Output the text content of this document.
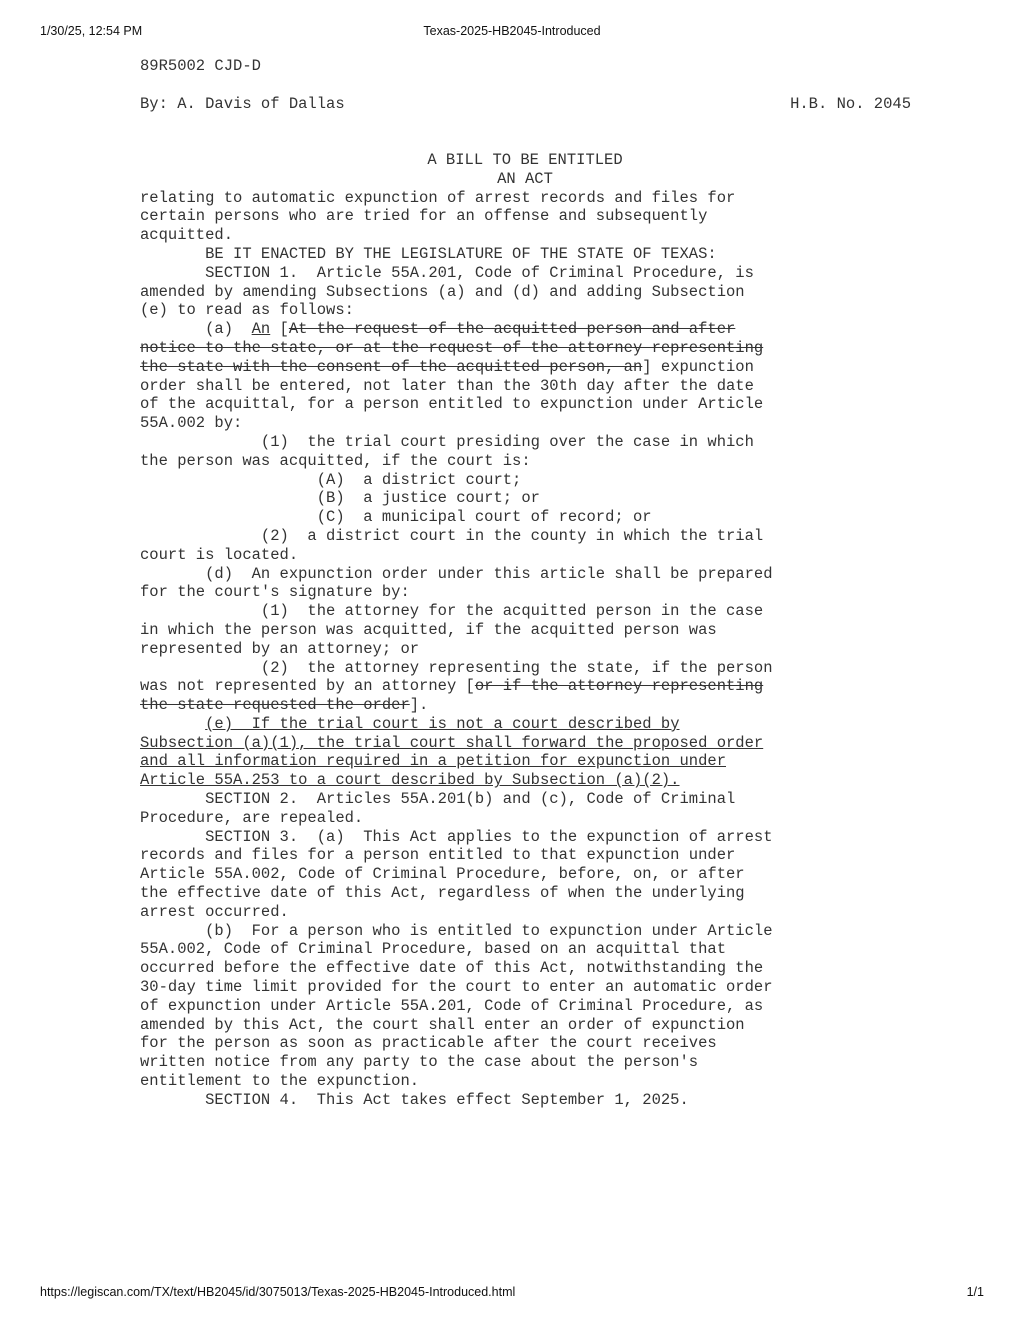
1/30/25, 12:54 PM	Texas-2025-HB2045-Introduced
89R5002 CJD-D
By: A. Davis of Dallas	H.B. No. 2045
A BILL TO BE ENTITLED
AN ACT
relating to automatic expunction of arrest records and files for
certain persons who are tried for an offense and subsequently
acquitted.
BE IT ENACTED BY THE LEGISLATURE OF THE STATE OF TEXAS:
SECTION 1.  Article 55A.201, Code of Criminal Procedure, is
amended by amending Subsections (a) and (d) and adding Subsection
(e) to read as follows:
(a)  An [At the request of the acquitted person and after
notice to the state, or at the request of the attorney representing
the state with the consent of the acquitted person, an] expunction
order shall be entered, not later than the 30th day after the date
of the acquittal, for a person entitled to expunction under Article
55A.002 by:
(1)  the trial court presiding over the case in which
the person was acquitted, if the court is:
(A)  a district court;
(B)  a justice court; or
(C)  a municipal court of record; or
(2)  a district court in the county in which the trial
court is located.
(d)  An expunction order under this article shall be prepared
for the court's signature by:
(1)  the attorney for the acquitted person in the case
in which the person was acquitted, if the acquitted person was
represented by an attorney; or
(2)  the attorney representing the state, if the person
was not represented by an attorney [or if the attorney representing
the state requested the order].
(e)  If the trial court is not a court described by
Subsection (a)(1), the trial court shall forward the proposed order
and all information required in a petition for expunction under
Article 55A.253 to a court described by Subsection (a)(2).
SECTION 2.  Articles 55A.201(b) and (c), Code of Criminal
Procedure, are repealed.
SECTION 3.  (a)  This Act applies to the expunction of arrest
records and files for a person entitled to that expunction under
Article 55A.002, Code of Criminal Procedure, before, on, or after
the effective date of this Act, regardless of when the underlying
arrest occurred.
(b)  For a person who is entitled to expunction under Article
55A.002, Code of Criminal Procedure, based on an acquittal that
occurred before the effective date of this Act, notwithstanding the
30-day time limit provided for the court to enter an automatic order
of expunction under Article 55A.201, Code of Criminal Procedure, as
amended by this Act, the court shall enter an order of expunction
for the person as soon as practicable after the court receives
written notice from any party to the case about the person's
entitlement to the expunction.
SECTION 4.  This Act takes effect September 1, 2025.
https://legiscan.com/TX/text/HB2045/id/3075013/Texas-2025-HB2045-Introduced.html	1/1
